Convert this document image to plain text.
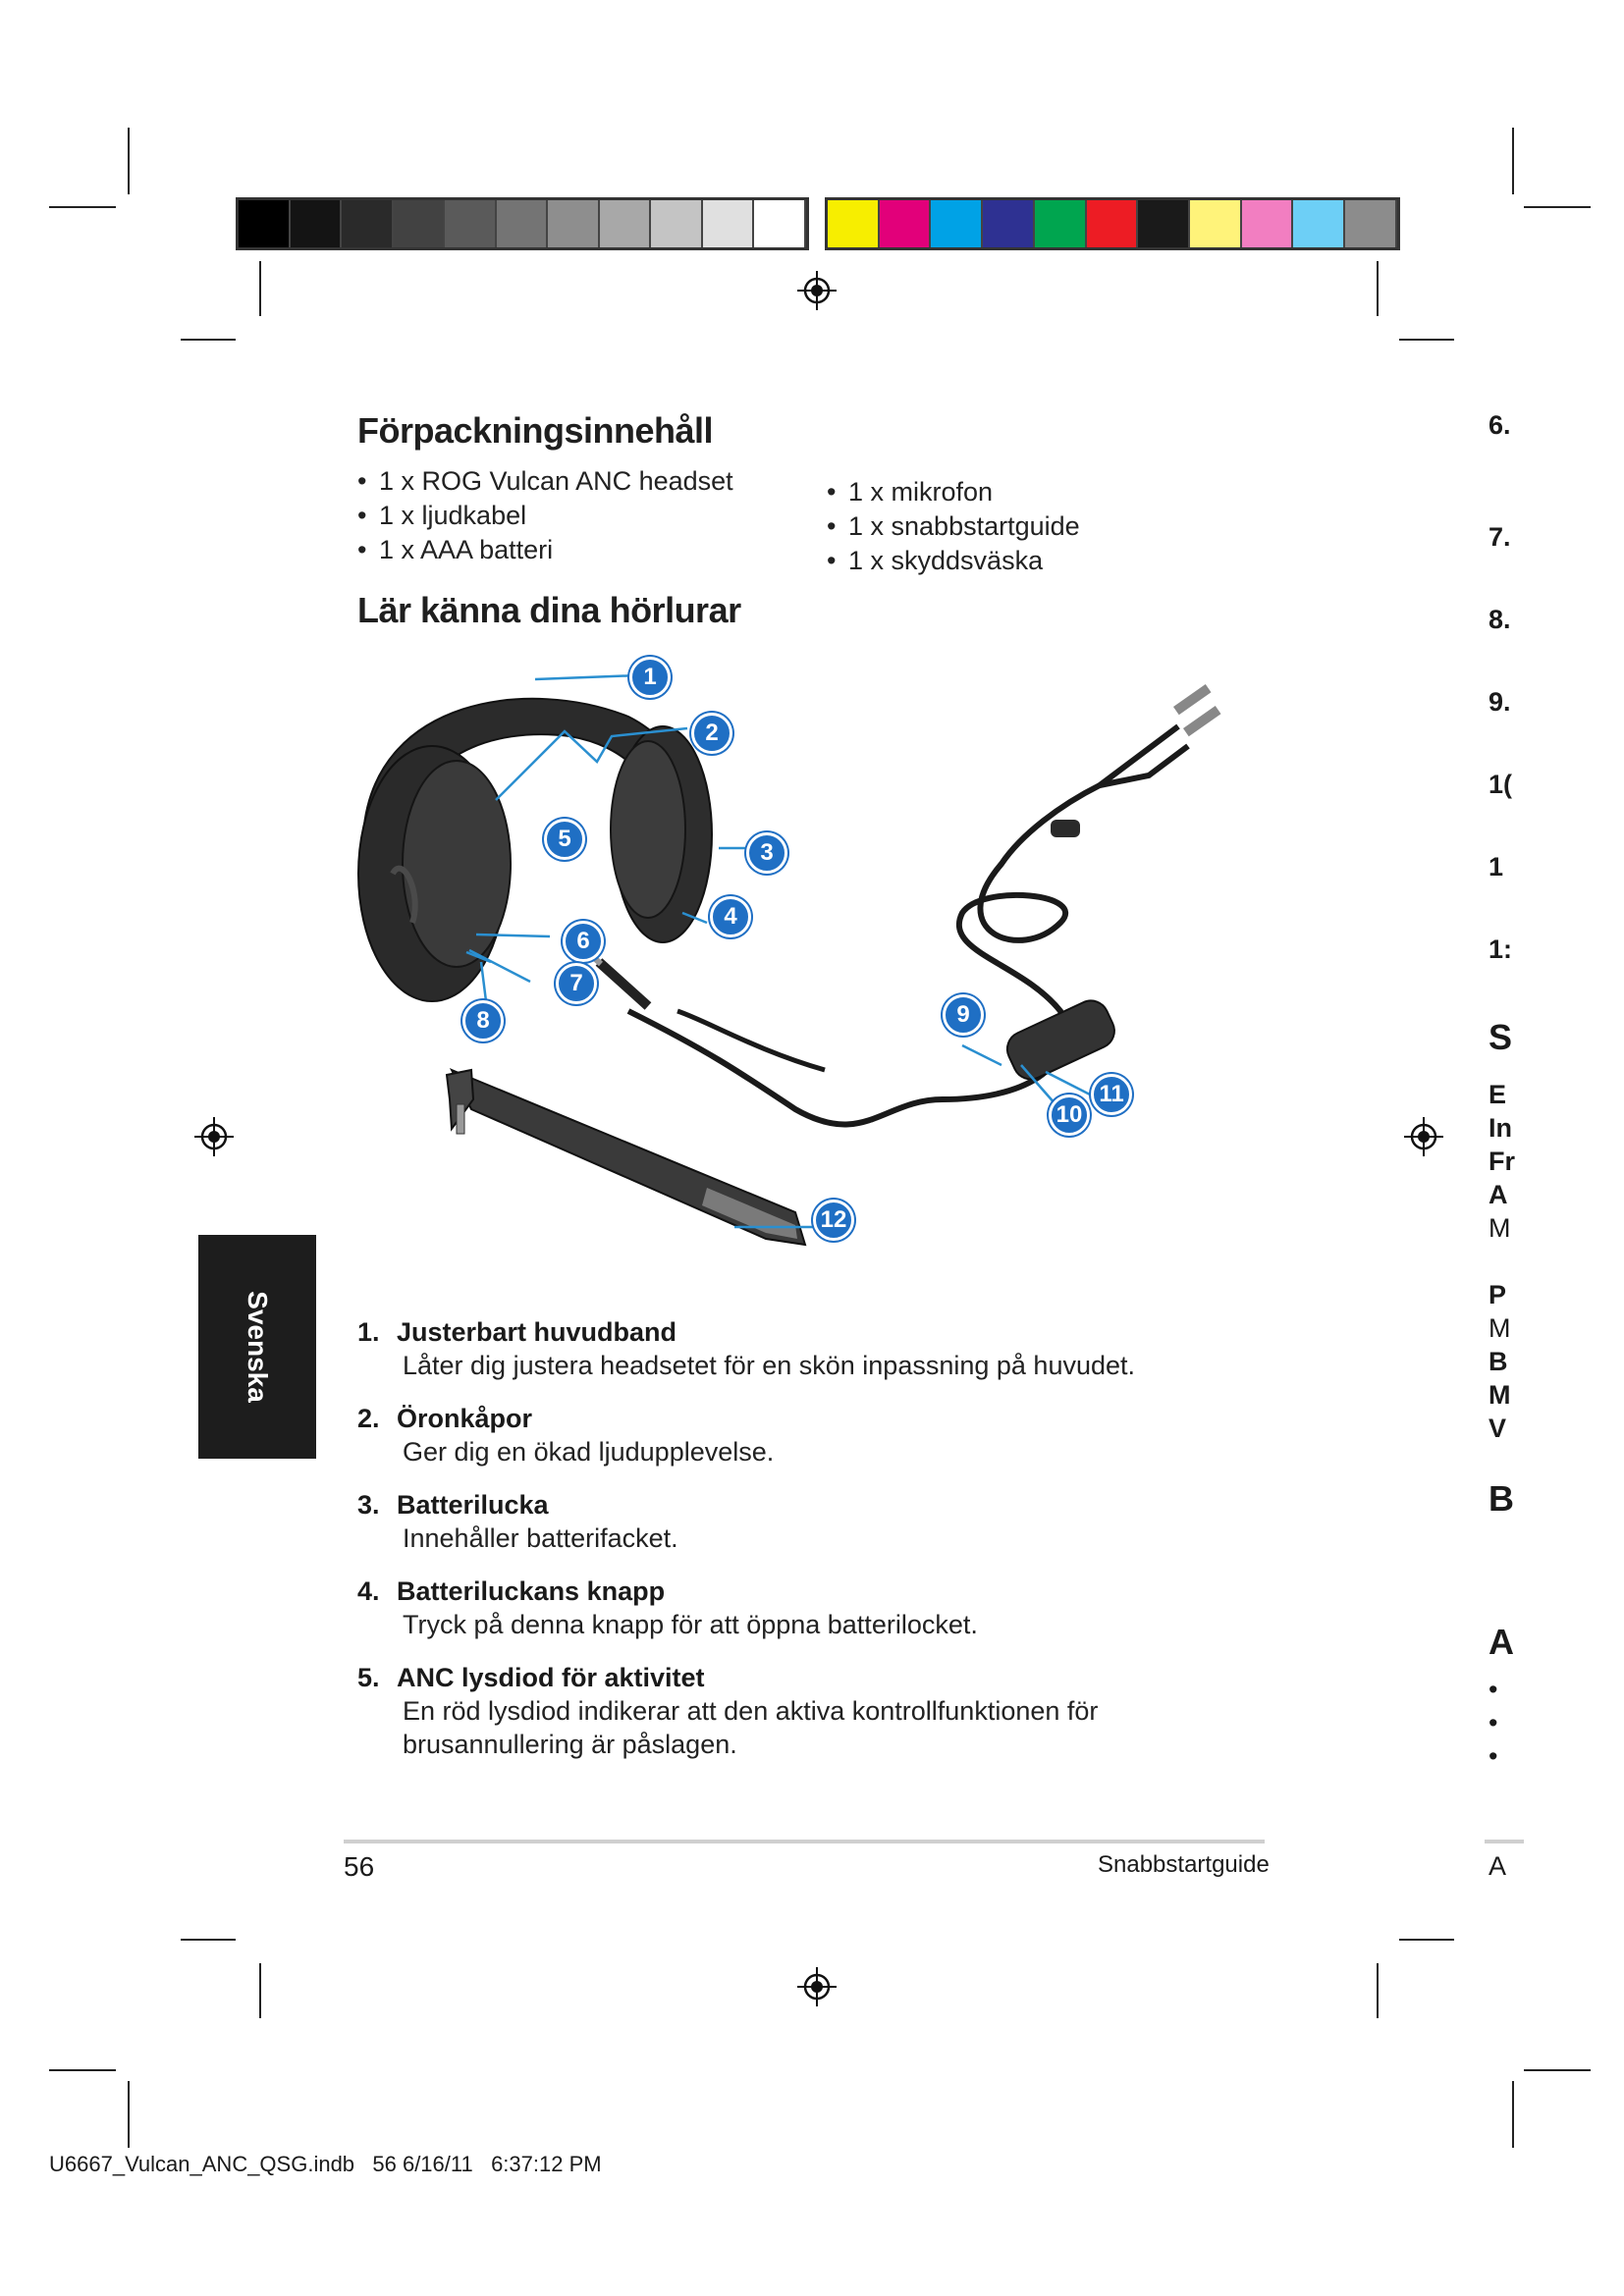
Förpackningsinnehåll
• 1 x ROG Vulcan ANC headset
• 1 x ljudkabel
• 1 x AAA batteri
• 1 x mikrofon
• 1 x snabbstartguide
• 1 x skyddsväska
Lär känna dina hörlurar
1
2
3
4
5
6
7
8	9
10
11
12
Svenska	1. Justerbart huvudband
Låter dig justera headsetet för en skön inpassning på huvudet.
2. Öronkåpor
Ger dig en ökad ljudupplevelse.
3. Batterilucka
Innehåller batterifacket.
4. Batteriluckans knapp
Tryck på denna knapp för att öppna batterilocket.
5. ANC lysdiod för aktivitet
En röd lysdiod indikerar att den aktiva kontrollfunktionen för brusannullering är påslagen.
56	Snabbstartguide
U6667_Vulcan_ANC_QSG.indb   56 6/16/11   6:37:12 PM
6.
7.
8.
9.
1(
1
1:
S
E
In
Fr
A
M
P
M
B
M
V
B
A
•
•
•
A
